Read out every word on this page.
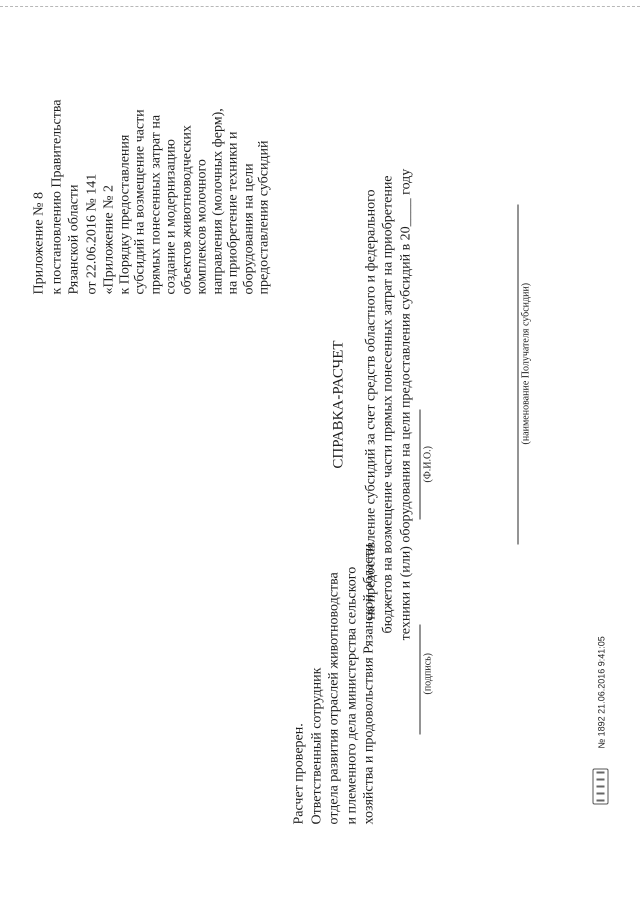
Приложение № 8 к постановлению Правительства Рязанской области от 22.06.2016 № 141 «Приложение № 2 к Порядку предоставления субсидий на возмещение части прямых понесенных затрат на создание и модернизацию объектов животноводческих комплексов молочного направления (молочных ферм), на приобретение техники и оборудования на цели предоставления субсидий
СПРАВКА-РАСЧЕТ на предоставление субсидий за счет средств областного и федерального бюджетов на возмещение части прямых понесенных затрат на приобретение техники и (или) оборудования на цели предоставления субсидий в 20____ году	(наименование Получателя субсидии)
Расчет проверен. Ответственный сотрудник отдела развития отраслей животноводства и племенного дела министерства сельского хозяйства и продовольствия Рязанской области
(Ф.И.О.)
(подпись)	№ 1892 21.06.2016 9:41:05
